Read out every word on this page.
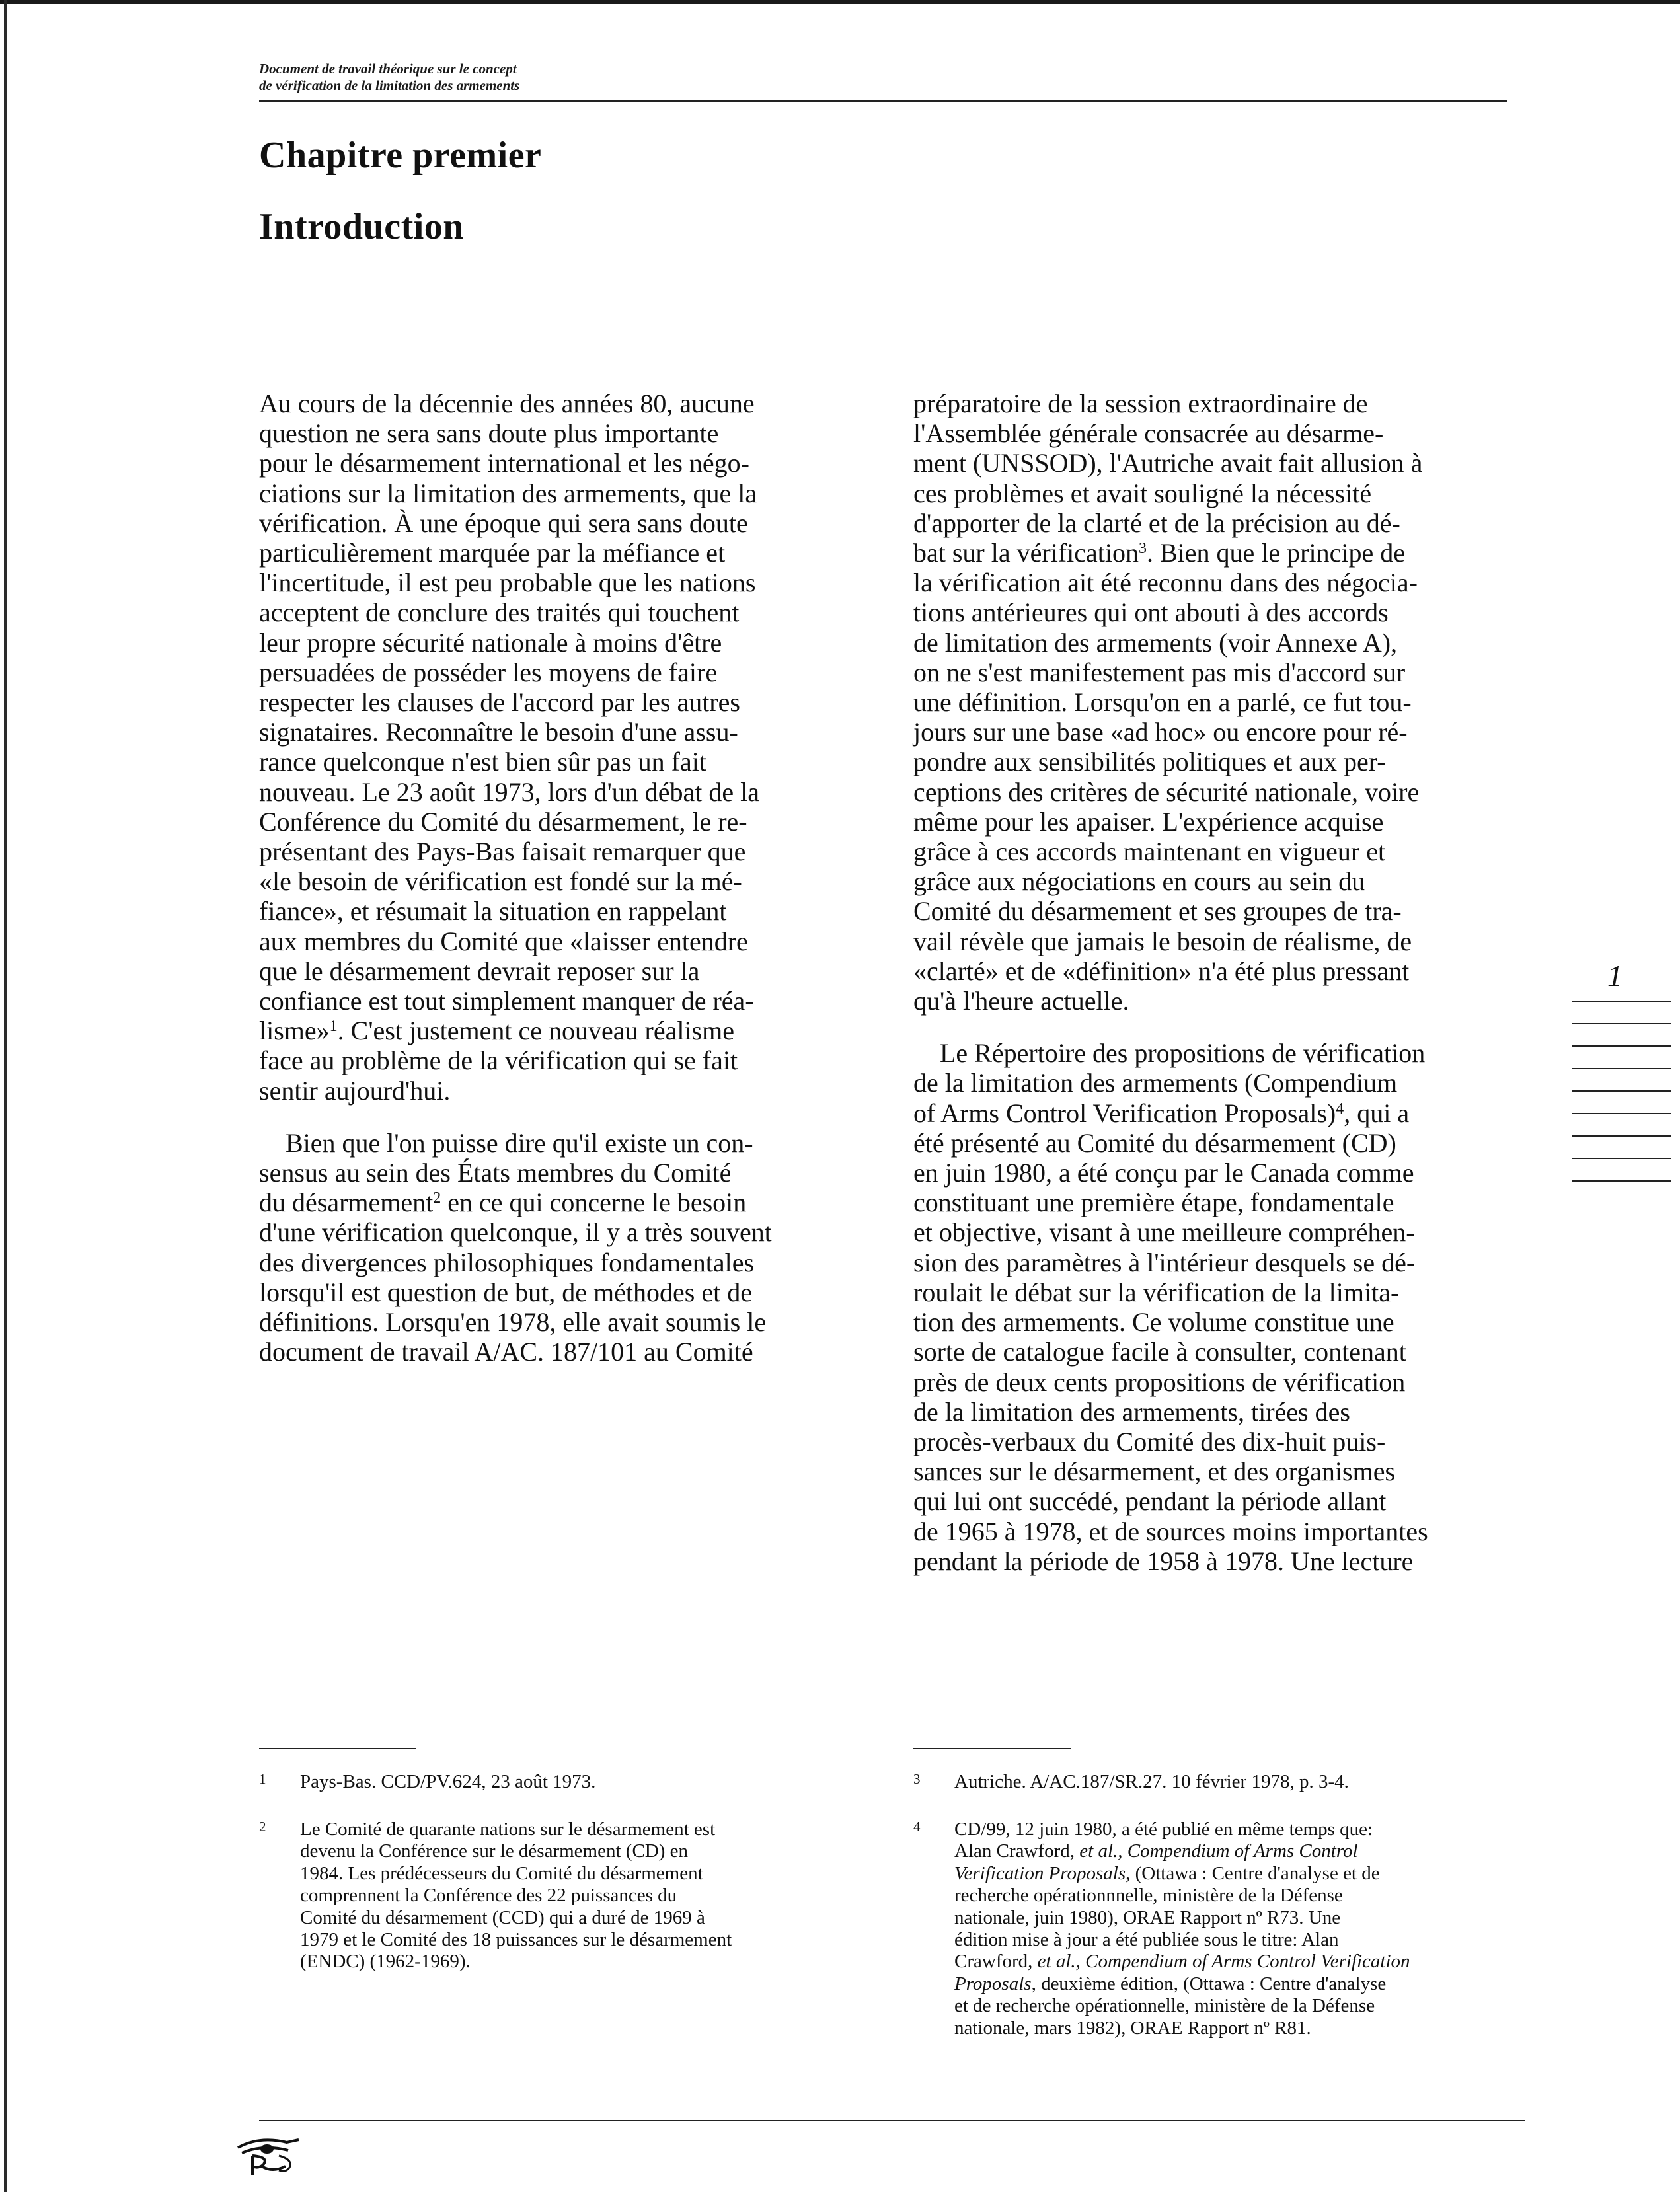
Document de travail théorique sur le concept
de vérification de la limitation des armements
Chapitre premier
Introduction

Au cours de la décennie des années 80, aucune

question ne sera sans doute plus importante

pour le désarmement international et les négo-

ciations sur la limitation des armements, que la

vérification. À une époque qui sera sans doute

particulièrement marquée par la méfiance et

l'incertitude, il est peu probable que les nations

acceptent de conclure des traités qui touchent

leur propre sécurité nationale à moins d'être

persuadées de posséder les moyens de faire

respecter les clauses de l'accord par les autres

signataires. Reconnaître le besoin d'une assu-

rance quelconque n'est bien sûr pas un fait

nouveau. Le 23 août 1973, lors d'un débat de la

Conférence du Comité du désarmement, le re-

présentant des Pays-Bas faisait remarquer que

«le besoin de vérification est fondé sur la mé-

fiance», et résumait la situation en rappelant

aux membres du Comité que «laisser entendre

que le désarmement devrait reposer sur la

confiance est tout simplement manquer de réa-

lisme»$^1$. C'est justement ce nouveau réalisme

face au problème de la vérification qui se fait

sentir aujourd'hui.

 Bien que l'on puisse dire qu'il existe un con-

sensus au sein des États membres du Comité

du désarmement$^2$ en ce qui concerne le besoin

d'une vérification quelconque, il y a très souvent

des divergences philosophiques fondamentales

lorsqu'il est question de but, de méthodes et de

définitions. Lorsqu'en 1978, elle avait soumis le

document de travail A/AC. 187/101 au Comité

préparatoire de la session extraordinaire de

l'Assemblée générale consacrée au désarme-

ment (UNSSOD), l'Autriche avait fait allusion à

ces problèmes et avait souligné la nécessité

d'apporter de la clarté et de la précision au dé-

bat sur la vérification$^3$. Bien que le principe de

la vérification ait été reconnu dans des négocia-

tions antérieures qui ont abouti à des accords

de limitation des armements (voir Annexe A),

on ne s'est manifestement pas mis d'accord sur

une définition. Lorsqu'on en a parlé, ce fut tou-

jours sur une base «ad hoc» ou encore pour ré-

pondre aux sensibilités politiques et aux per-

ceptions des critères de sécurité nationale, voire

même pour les apaiser. L'expérience acquise

grâce à ces accords maintenant en vigueur et

grâce aux négociations en cours au sein du

Comité du désarmement et ses groupes de tra-

vail révèle que jamais le besoin de réalisme, de

«clarté» et de «définition» n'a été plus pressant

qu'à l'heure actuelle.

 Le Répertoire des propositions de vérification

de la limitation des armements (Compendium

of Arms Control Verification Proposals)$^4$, qui a

été présenté au Comité du désarmement (CD)

en juin 1980, a été conçu par le Canada comme

constituant une première étape, fondamentale

et objective, visant à une meilleure compréhen-

sion des paramètres à l'intérieur desquels se dé-

roulait le débat sur la vérification de la limita-

tion des armements. Ce volume constitue une

sorte de catalogue facile à consulter, contenant

près de deux cents propositions de vérification

de la limitation des armements, tirées des

procès-verbaux du Comité des dix-huit puis-

sances sur le désarmement, et des organismes

qui lui ont succédé, pendant la période allant

de 1965 à 1978, et de sources moins importantes

pendant la période de 1958 à 1978. Une lecture

1
1 Pays-Bas. CCD/PV.624, 23 août 1973.

2 Le Comité de quarante nations sur le désarmement est

devenu la Conférence sur le désarmement (CD) en

1984. Les prédécesseurs du Comité du désarmement

comprennent la Conférence des 22 puissances du

Comité du désarmement (CCD) qui a duré de 1969 à

1979 et le Comité des 18 puissances sur le désarmement

(ENDC) (1962-1969).

3 Autriche. A/AC.187/SR.27. 10 février 1978, p. 3-4.

4 CD/99, 12 juin 1980, a été publié en même temps que:

Alan Crawford, et al., Compendium of Arms Control

Verification Proposals, (Ottawa : Centre d'analyse et de

recherche opérationnnelle, ministère de la Défense

nationale, juin 1980), ORAE Rapport nº R73. Une

édition mise à jour a été publiée sous le titre: Alan

Crawford, et al., Compendium of Arms Control Verification

Proposals, deuxième édition, (Ottawa : Centre d'analyse

et de recherche opérationnelle, ministère de la Défense

nationale, mars 1982), ORAE Rapport nº R81.
